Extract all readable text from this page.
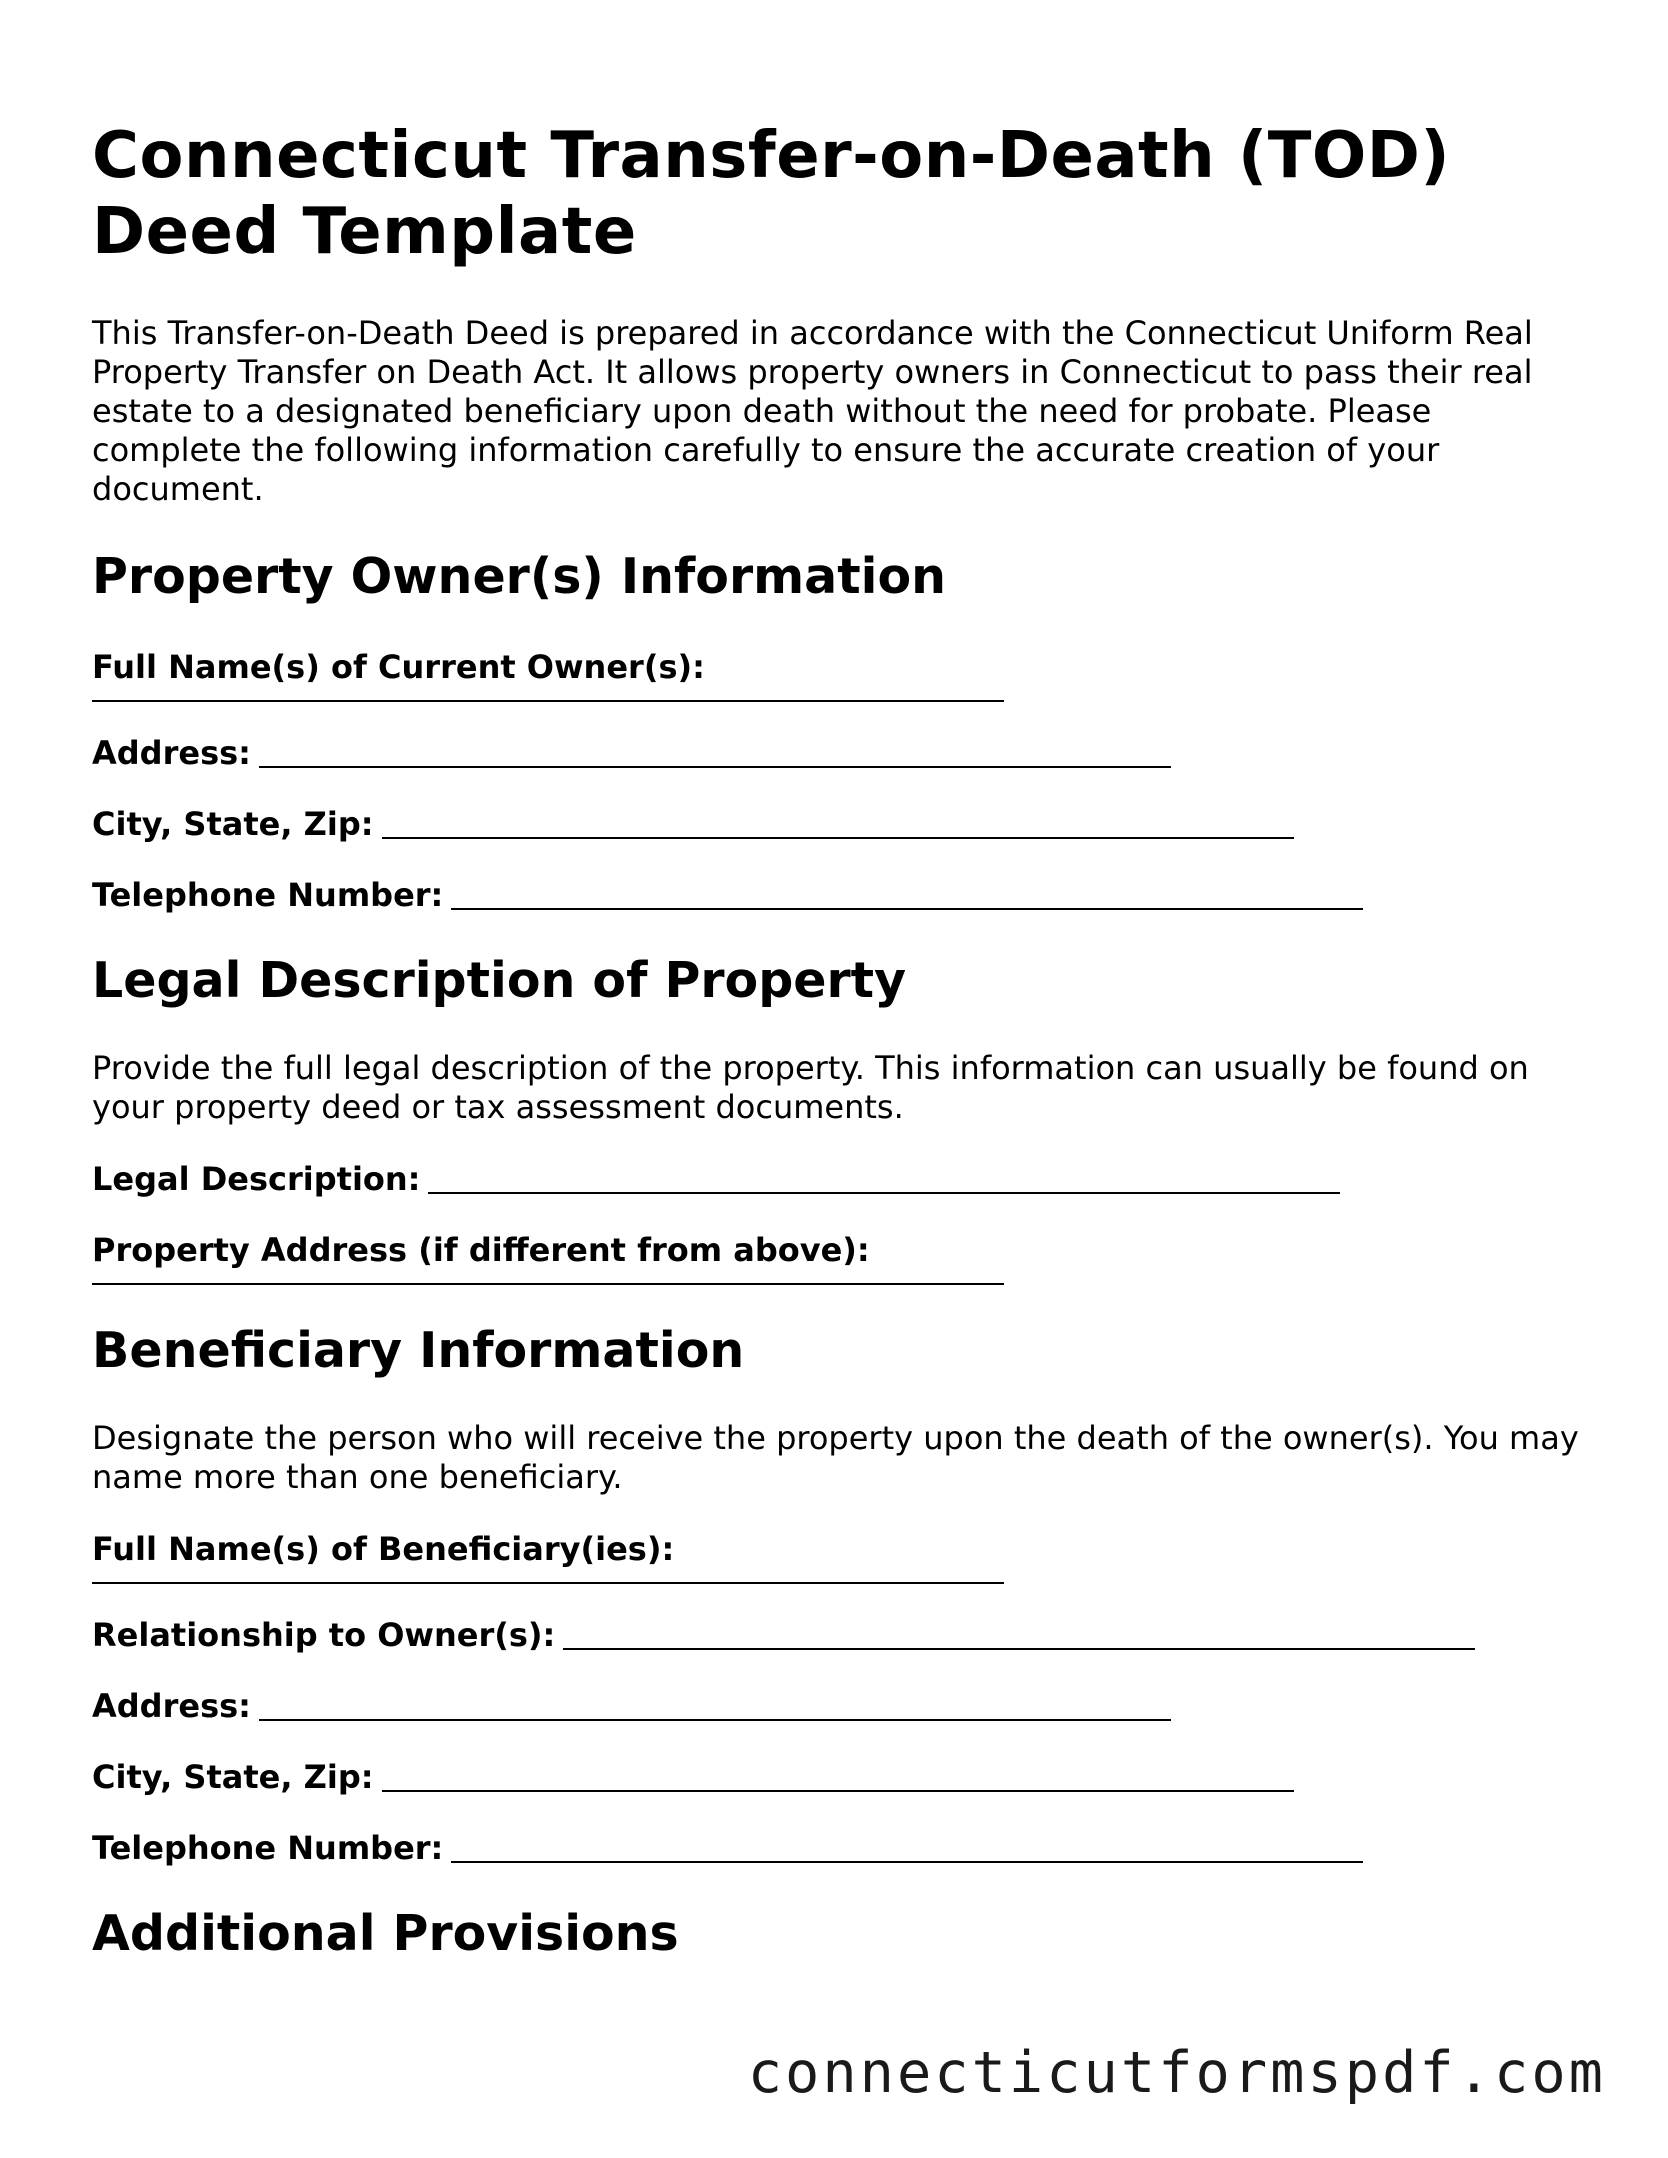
Connecticut Transfer-on-Death (TOD) Deed Template

This Transfer-on-Death Deed is prepared in accordance with the Connecticut Uniform Real Property Transfer on Death Act. It allows property owners in Connecticut to pass their real estate to a designated beneficiary upon death without the need for probate. Please complete the following information carefully to ensure the accurate creation of your document.

Property Owner(s) Information
Full Name(s) of Current Owner(s):
Address:
City, State, Zip:
Telephone Number:
Legal Description of Property

Provide the full legal description of the property. This information can usually be found on your property deed or tax assessment documents.

Legal Description:
Property Address (if different from above):
Beneficiary Information

Designate the person who will receive the property upon the death of the owner(s). You may name more than one beneficiary.

Full Name(s) of Beneficiary(ies):
Relationship to Owner(s):
Address:
City, State, Zip:
Telephone Number:
Additional Provisions
connecticutformspdf.com
